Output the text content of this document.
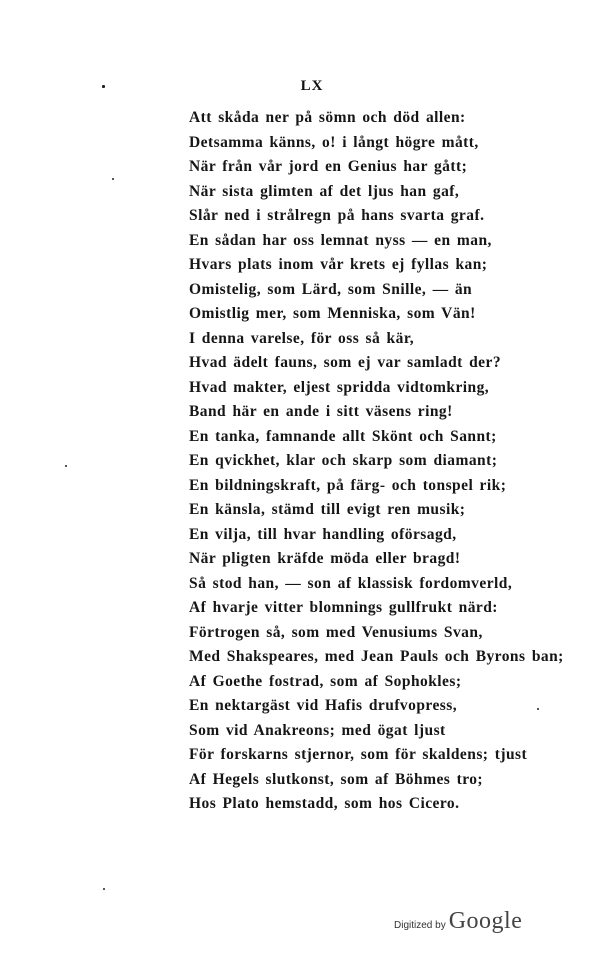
LX
Att skåda ner på sömn och död allen:
Detsamma känns, o! i långt högre mått,
När från vår jord en Genius har gått;
När sista glimten af det ljus han gaf,
Slår ned i strålregn på hans svarta graf.
En sådan har oss lemnat nyss — en man,
Hvars plats inom vår krets ej fyllas kan;
Omistelig, som Lärd, som Snille, — än
Omistlig mer, som Menniska, som Vän!
I denna varelse, för oss så kär,
Hvad ädelt fauns, som ej var samladt der?
Hvad makter, eljest spridda vidtomkring,
Band här en ande i sitt väsens ring!
En tanka, famnande allt Skönt och Sannt;
En qvickhet, klar och skarp som diamant;
En bildningskraft, på färg- och tonspel rik;
En känsla, stämd till evigt ren musik;
En vilja, till hvar handling oförsagd,
När pligten kräfde möda eller bragd!
Så stod han, — son af klassisk fordomverld,
Af hvarje vitter blomnings gullfrukt närd:
Förtrogen så, som med Venusiums Svan,
Med Shakspeares, med Jean Pauls och Byrons ban;
Af Goethe fostrad, som af Sophokles;
En nektargäst vid Hafis drufvopress,
Som vid Anakreons; med ögat ljust
För forskarns stjernor, som för skaldens; tjust
Af Hegels slutkonst, som af Böhmes tro;
Hos Plato hemstadd, som hos Cicero.
Digitized by Google
